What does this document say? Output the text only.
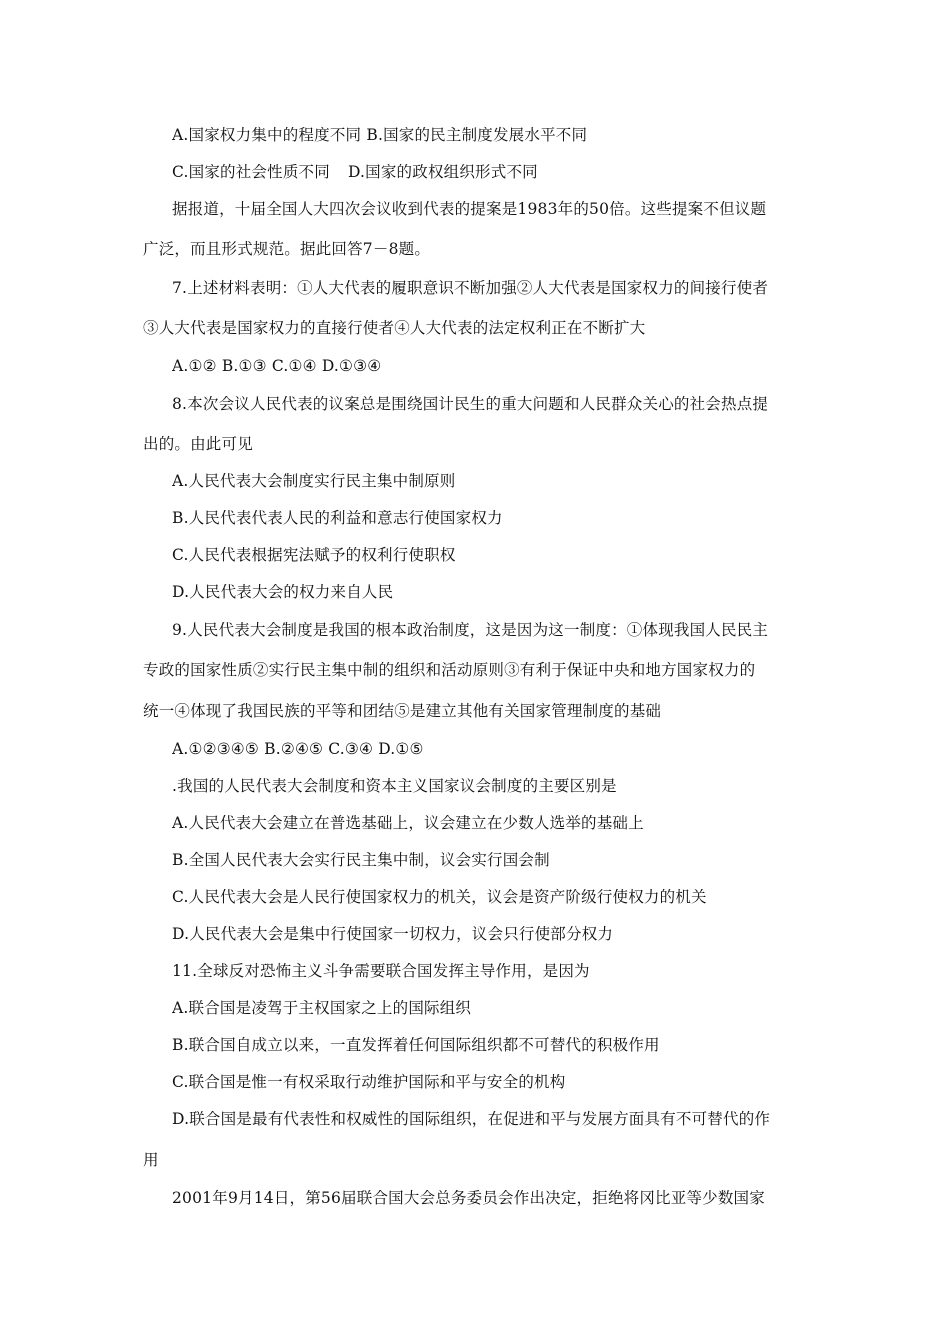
A.国家权力集中的程度不同 B.国家的民主制度发展水平不同
C.国家的社会性质不同 D.国家的政权组织形式不同
据报道，十届全国人大四次会议收到代表的提案是1983年的50倍。这些提案不但议题
广泛，而且形式规范。据此回答7－8题。
7.上述材料表明：①人大代表的履职意识不断加强②人大代表是国家权力的间接行使者
③人大代表是国家权力的直接行使者④人大代表的法定权利正在不断扩大
A.①② B.①③ C.①④ D.①③④
8.本次会议人民代表的议案总是围绕国计民生的重大问题和人民群众关心的社会热点提
出的。由此可见
A.人民代表大会制度实行民主集中制原则
B.人民代表代表人民的利益和意志行使国家权力
C.人民代表根据宪法赋予的权利行使职权
D.人民代表大会的权力来自人民
9.人民代表大会制度是我国的根本政治制度，这是因为这一制度：①体现我国人民民主
专政的国家性质②实行民主集中制的组织和活动原则③有利于保证中央和地方国家权力的
统一④体现了我国民族的平等和团结⑤是建立其他有关国家管理制度的基础
A.①②③④⑤ B.②④⑤ C.③④ D.①⑤
.我国的人民代表大会制度和资本主义国家议会制度的主要区别是
A.人民代表大会建立在普选基础上，议会建立在少数人选举的基础上
B.全国人民代表大会实行民主集中制，议会实行国会制
C.人民代表大会是人民行使国家权力的机关，议会是资产阶级行使权力的机关
D.人民代表大会是集中行使国家一切权力，议会只行使部分权力
11.全球反对恐怖主义斗争需要联合国发挥主导作用，是因为
A.联合国是凌驾于主权国家之上的国际组织
B.联合国自成立以来，一直发挥着任何国际组织都不可替代的积极作用
C.联合国是惟一有权采取行动维护国际和平与安全的机构
D.联合国是最有代表性和权威性的国际组织，在促进和平与发展方面具有不可替代的作
用
2001年9月14日，第56届联合国大会总务委员会作出决定，拒绝将冈比亚等少数国家
